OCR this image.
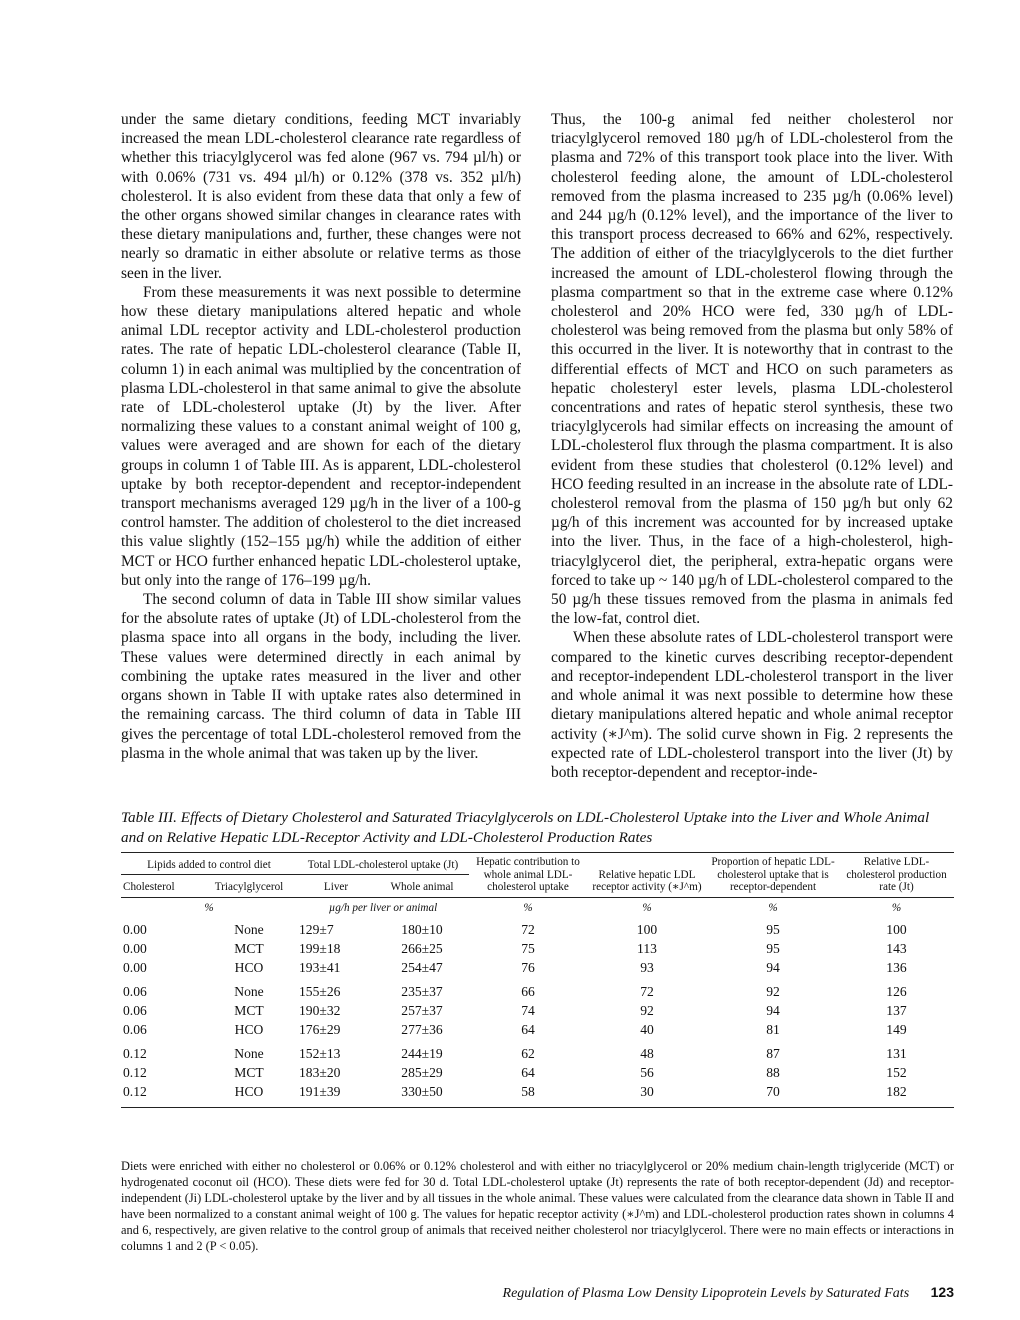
under the same dietary conditions, feeding MCT invariably increased the mean LDL-cholesterol clearance rate regardless of whether this triacylglycerol was fed alone (967 vs. 794 µl/h) or with 0.06% (731 vs. 494 µl/h) or 0.12% (378 vs. 352 µl/h) cholesterol. It is also evident from these data that only a few of the other organs showed similar changes in clearance rates with these dietary manipulations and, further, these changes were not nearly so dramatic in either absolute or relative terms as those seen in the liver.

From these measurements it was next possible to determine how these dietary manipulations altered hepatic and whole animal LDL receptor activity and LDL-cholesterol production rates. The rate of hepatic LDL-cholesterol clearance (Table II, column 1) in each animal was multiplied by the concentration of plasma LDL-cholesterol in that same animal to give the absolute rate of LDL-cholesterol uptake (Jt) by the liver. After normalizing these values to a constant animal weight of 100 g, values were averaged and are shown for each of the dietary groups in column 1 of Table III. As is apparent, LDL-cholesterol uptake by both receptor-dependent and receptor-independent transport mechanisms averaged 129 µg/h in the liver of a 100-g control hamster. The addition of cholesterol to the diet increased this value slightly (152–155 µg/h) while the addition of either MCT or HCO further enhanced hepatic LDL-cholesterol uptake, but only into the range of 176–199 µg/h.

The second column of data in Table III show similar values for the absolute rates of uptake (Jt) of LDL-cholesterol from the plasma space into all organs in the body, including the liver. These values were determined directly in each animal by combining the uptake rates measured in the liver and other organs shown in Table II with uptake rates also determined in the remaining carcass. The third column of data in Table III gives the percentage of total LDL-cholesterol removed from the plasma in the whole animal that was taken up by the liver.

Thus, the 100-g animal fed neither cholesterol nor triacylglycerol removed 180 µg/h of LDL-cholesterol from the plasma and 72% of this transport took place into the liver. With cholesterol feeding alone, the amount of LDL-cholesterol removed from the plasma increased to 235 µg/h (0.06% level) and 244 µg/h (0.12% level), and the importance of the liver to this transport process decreased to 66% and 62%, respectively. The addition of either of the triacylglycerols to the diet further increased the amount of LDL-cholesterol flowing through the plasma compartment so that in the extreme case where 0.12% cholesterol and 20% HCO were fed, 330 µg/h of LDL-cholesterol was being removed from the plasma but only 58% of this occurred in the liver. It is noteworthy that in contrast to the differential effects of MCT and HCO on such parameters as hepatic cholesteryl ester levels, plasma LDL-cholesterol concentrations and rates of hepatic sterol synthesis, these two triacylglycerols had similar effects on increasing the amount of LDL-cholesterol flux through the plasma compartment. It is also evident from these studies that cholesterol (0.12% level) and HCO feeding resulted in an increase in the absolute rate of LDL-cholesterol removal from the plasma of 150 µg/h but only 62 µg/h of this increment was accounted for by increased uptake into the liver. Thus, in the face of a high-cholesterol, high-triacylglycerol diet, the peripheral, extra-hepatic organs were forced to take up ~ 140 µg/h of LDL-cholesterol compared to the 50 µg/h these tissues removed from the plasma in animals fed the low-fat, control diet.

When these absolute rates of LDL-cholesterol transport were compared to the kinetic curves describing receptor-dependent and receptor-independent LDL-cholesterol transport in the liver and whole animal it was next possible to determine how these dietary manipulations altered hepatic and whole animal receptor activity (∗J^m). The solid curve shown in Fig. 2 represents the expected rate of LDL-cholesterol transport into the liver (Jt) by both receptor-dependent and receptor-inde-

Table III. Effects of Dietary Cholesterol and Saturated Triacylglycerols on LDL-Cholesterol Uptake into the Liver and Whole Animal and on Relative Hepatic LDL-Receptor Activity and LDL-Cholesterol Production Rates
Lipids added to control diet		Total LDL-cholesterol uptake (Jt)		Hepatic contribution to whole animal LDL-cholesterol uptake	Relative hepatic LDL receptor activity (∗J^m)	Proportion of hepatic LDL-cholesterol uptake that is receptor-dependent	Relative LDL-cholesterol production rate (Jt)
Cholesterol	Triacylglycerol	Liver	Whole animal				
%		µg/h per liver or animal		%	%	%	%
0.00	None	129±7	180±10	72	100	95	100
0.00	MCT	199±18	266±25	75	113	95	143
0.00	HCO	193±41	254±47	76	93	94	136

0.06	None	155±26	235±37	66	72	92	126
0.06	MCT	190±32	257±37	74	92	94	137
0.06	HCO	176±29	277±36	64	40	81	149

0.12	None	152±13	244±19	62	48	87	131
0.12	MCT	183±20	285±29	64	56	88	152
0.12	HCO	191±39	330±50	58	30	70	182
Diets were enriched with either no cholesterol or 0.06% or 0.12% cholesterol and with either no triacylglycerol or 20% medium chain-length triglyceride (MCT) or hydrogenated coconut oil (HCO). These diets were fed for 30 d. Total LDL-cholesterol uptake (Jt) represents the rate of both receptor-dependent (Jd) and receptor-independent (Ji) LDL-cholesterol uptake by the liver and by all tissues in the whole animal. These values were calculated from the clearance data shown in Table II and have been normalized to a constant animal weight of 100 g. The values for hepatic receptor activity (∗J^m) and LDL-cholesterol production rates shown in columns 4 and 6, respectively, are given relative to the control group of animals that received neither cholesterol nor triacylglycerol. There were no main effects or interactions in columns 1 and 2 (P < 0.05).
Regulation of Plasma Low Density Lipoprotein Levels by Saturated Fats 123
